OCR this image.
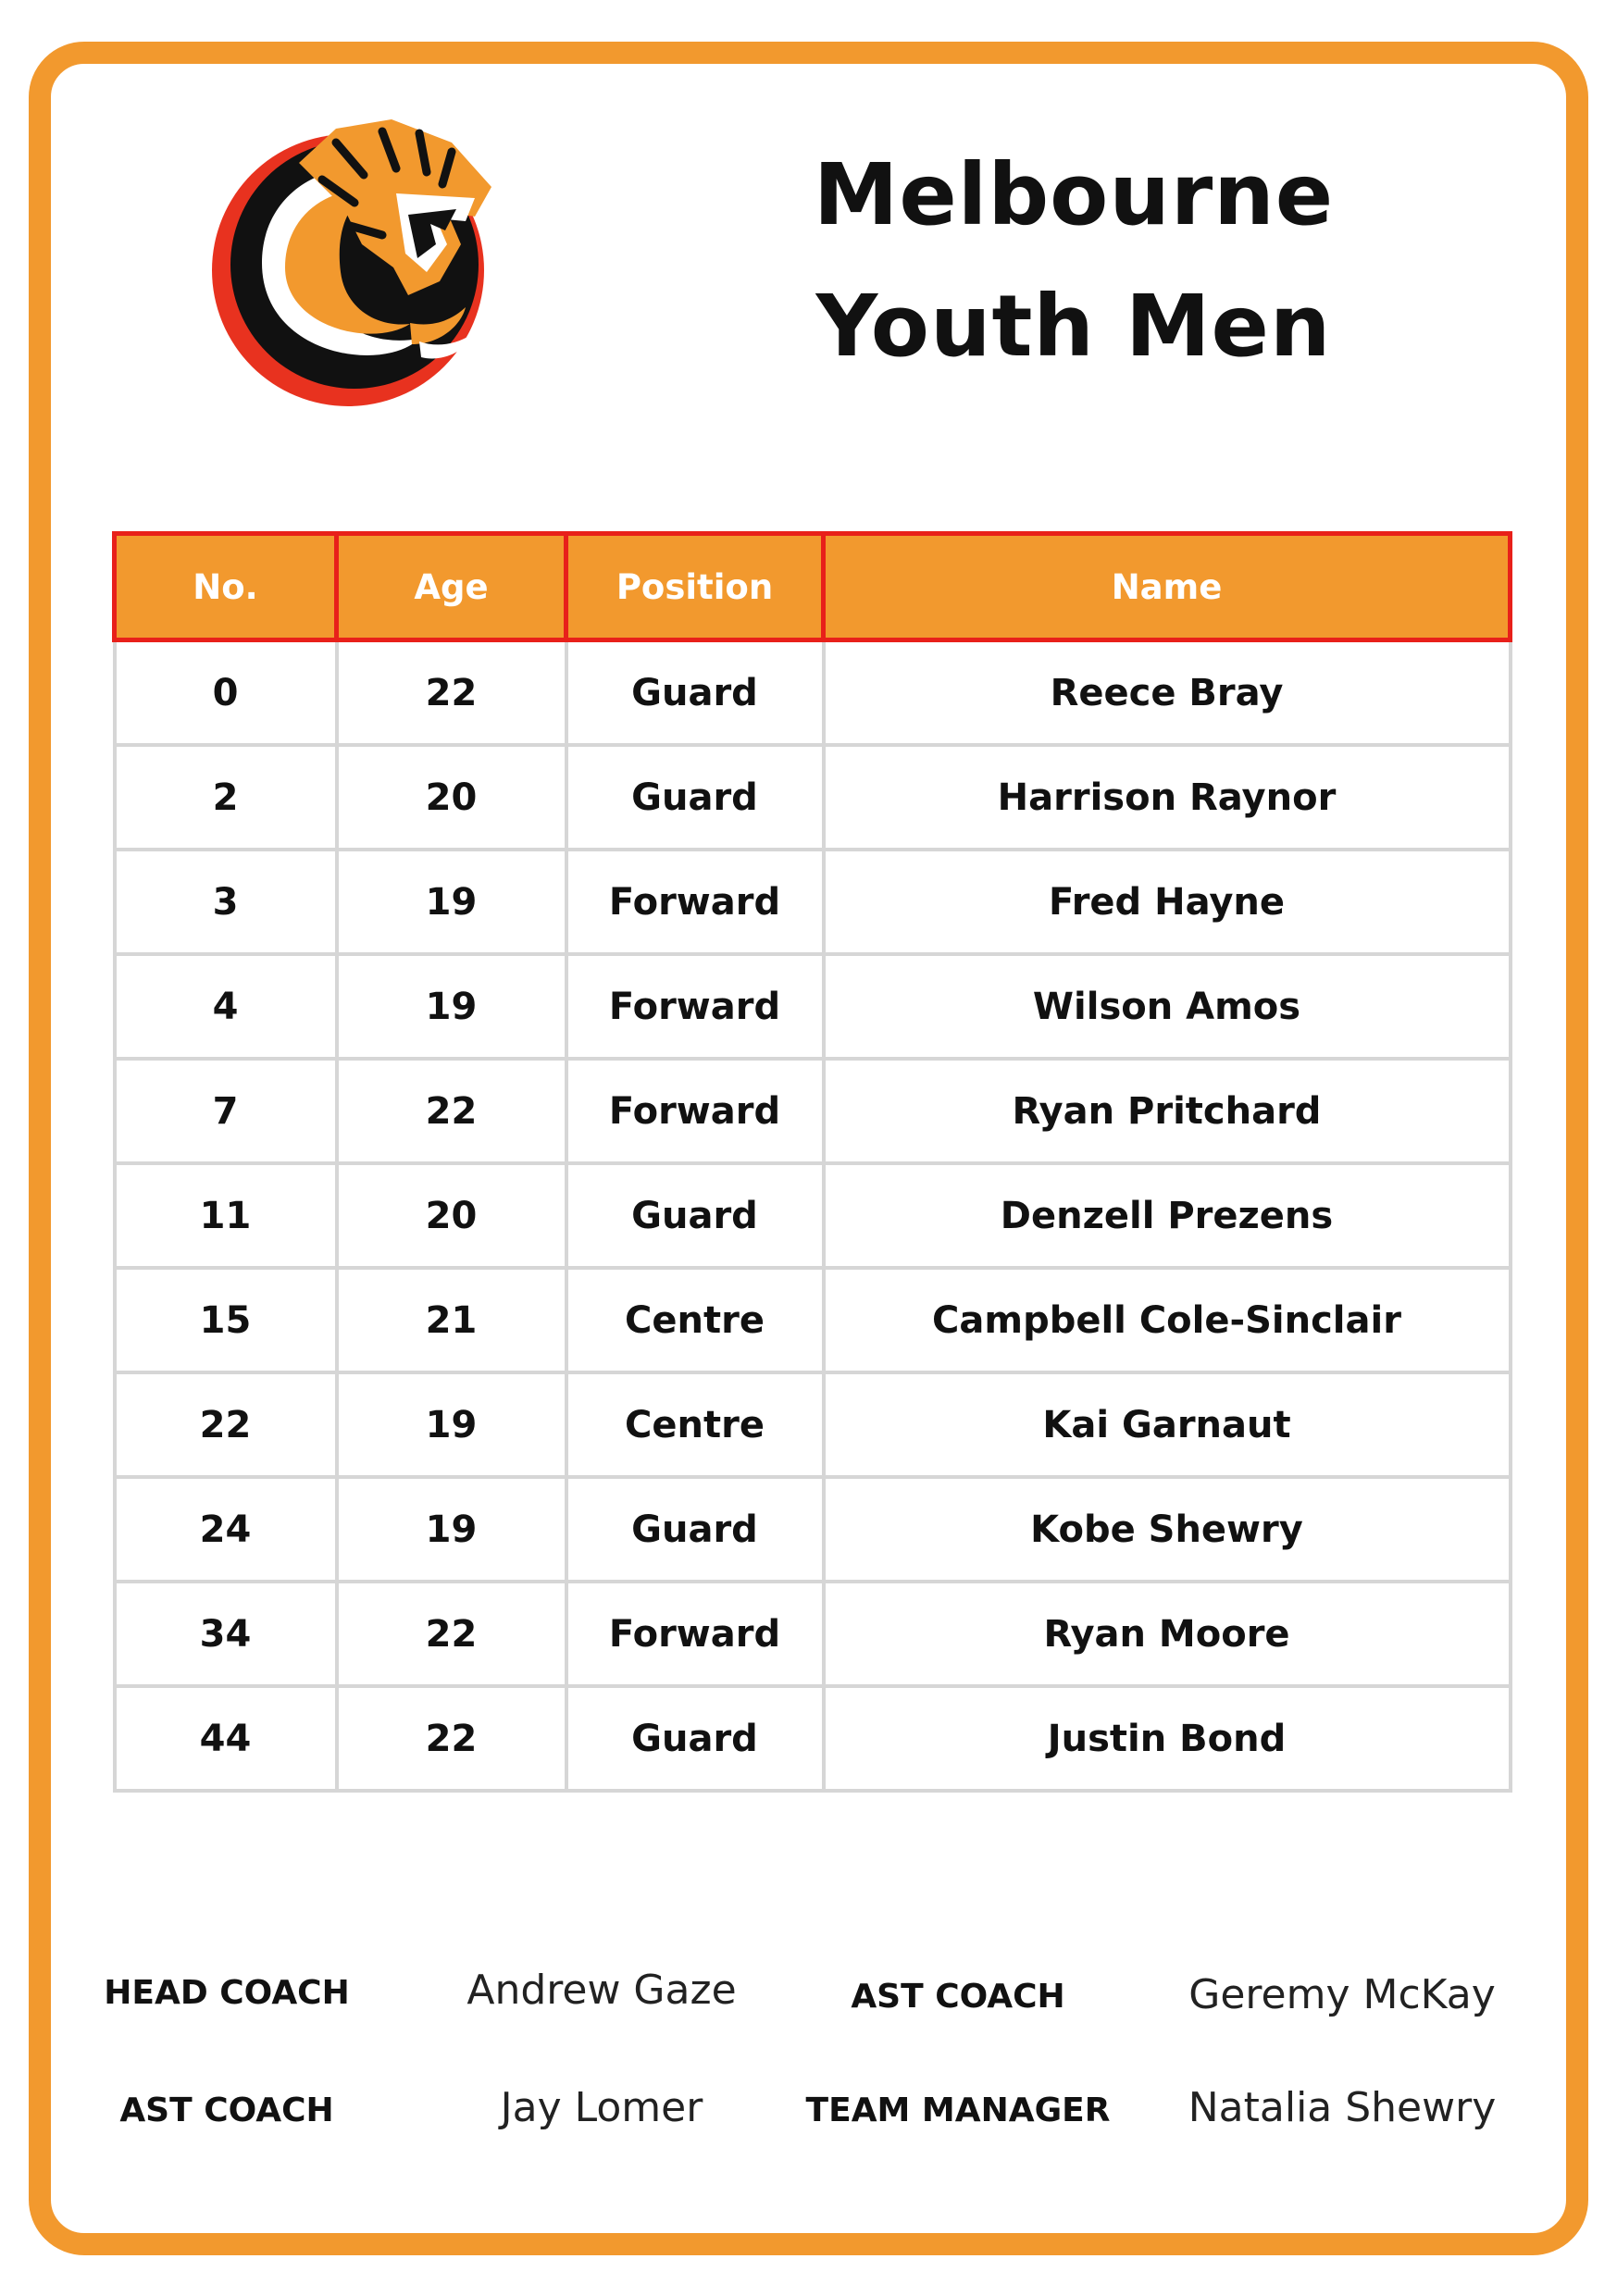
Melbourne
Youth Men
No.	Age	Position	Name
0	22	Guard	Reece Bray
2	20	Guard	Harrison Raynor
3	19	Forward	Fred Hayne
4	19	Forward	Wilson Amos
7	22	Forward	Ryan Pritchard
11	20	Guard	Denzell Prezens
15	21	Centre	Campbell Cole-Sinclair
22	19	Centre	Kai Garnaut
24	19	Guard	Kobe Shewry
34	22	Forward	Ryan Moore
44	22	Guard	Justin Bond
HEAD COACH	Andrew Gaze	AST COACH	Geremy McKay
AST COACH	Jay Lomer	TEAM MANAGER	Natalia Shewry
